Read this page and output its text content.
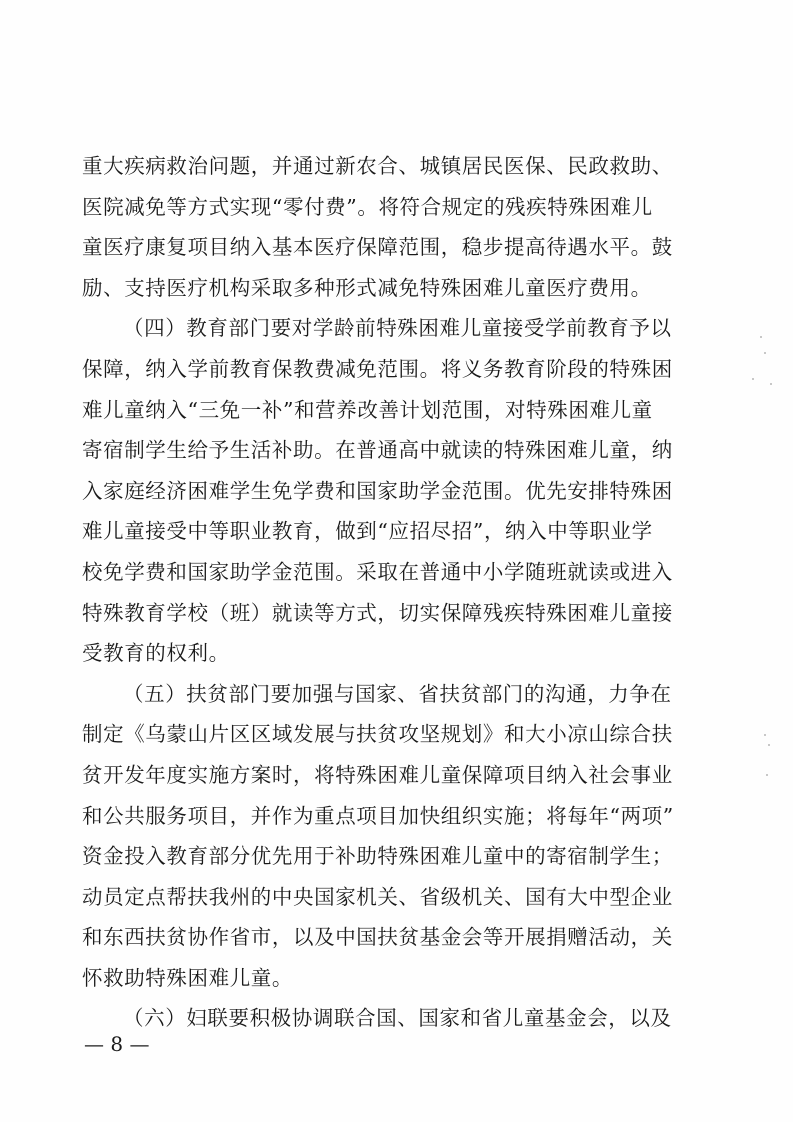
重大疾病救治问题，并通过新农合、城镇居民医保、民政救助、
医院减免等方式实现“零付费”。将符合规定的残疾特殊困难儿
童医疗康复项目纳入基本医疗保障范围，稳步提高待遇水平。鼓
励、支持医疗机构采取多种形式减免特殊困难儿童医疗费用。
（四）教育部门要对学龄前特殊困难儿童接受学前教育予以
保障，纳入学前教育保教费减免范围。将义务教育阶段的特殊困
难儿童纳入“三免一补”和营养改善计划范围，对特殊困难儿童
寄宿制学生给予生活补助。在普通高中就读的特殊困难儿童，纳
入家庭经济困难学生免学费和国家助学金范围。优先安排特殊困
难儿童接受中等职业教育，做到“应招尽招”，纳入中等职业学
校免学费和国家助学金范围。采取在普通中小学随班就读或进入
特殊教育学校（班）就读等方式，切实保障残疾特殊困难儿童接
受教育的权利。
（五）扶贫部门要加强与国家、省扶贫部门的沟通，力争在
制定《乌蒙山片区区域发展与扶贫攻坚规划》和大小凉山综合扶
贫开发年度实施方案时，将特殊困难儿童保障项目纳入社会事业
和公共服务项目，并作为重点项目加快组织实施；将每年“两项”
资金投入教育部分优先用于补助特殊困难儿童中的寄宿制学生；
动员定点帮扶我州的中央国家机关、省级机关、国有大中型企业
和东西扶贫协作省市，以及中国扶贫基金会等开展捐赠活动，关
怀救助特殊困难儿童。
（六）妇联要积极协调联合国、国家和省儿童基金会，以及
— 8 —
